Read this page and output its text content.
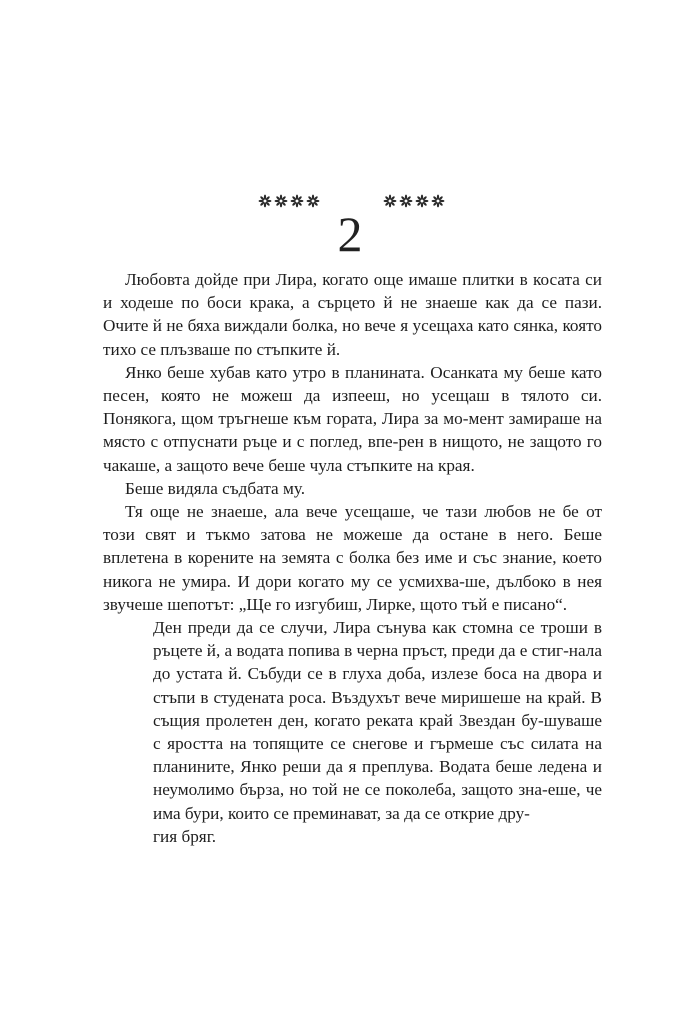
2

Любовта дойде при Лира, когато още имаше плитки в косата си и ходеше по боси крака, а сърцето й не знаеше как да се пази. Очите й не бяха виждали болка, но вече я усещаха като сянка, която тихо се плъзваше по стъпките й.

Янко беше хубав като утро в планината. Осанката му беше като песен, която не можеш да изпееш, но усещаш в тялото си. Понякога, щом тръгнеше към гората, Лира за мо-мент замираше на място с отпуснати ръце и с поглед, впе-рен в нищото, не защото го чакаше, а защото вече беше чула стъпките на края.

Беше видяла съдбата му.

Тя още не знаеше, ала вече усещаше, че тази любов не бе от този свят и тъкмо затова не можеше да остане в него. Беше вплетена в корените на земята с болка без име и със знание, което никога не умира. И дори когато му се усмихва-ше, дълбоко в нея звучеше шепотът: „Ще го изгубиш, Лирке, щото тъй е писано“.

Ден преди да се случи, Лира сънува как стомна се троши в ръцете й, а водата попива в черна пръст, преди да е стиг-нала до устата й. Събуди се в глуха доба, излезе боса на двора и стъпи в студената роса. Въздухът вече миришеше на край. В същия пролетен ден, когато реката край Звездан бу-шуваше с яростта на топящите се снегове и гърмеше със силата на планините, Янко реши да я преплува. Водата беше ледена и неумолимо бърза, но той не се поколеба, защото зна-еше, че има бури, които се преминават, за да се открие дру-

гия бряг.
